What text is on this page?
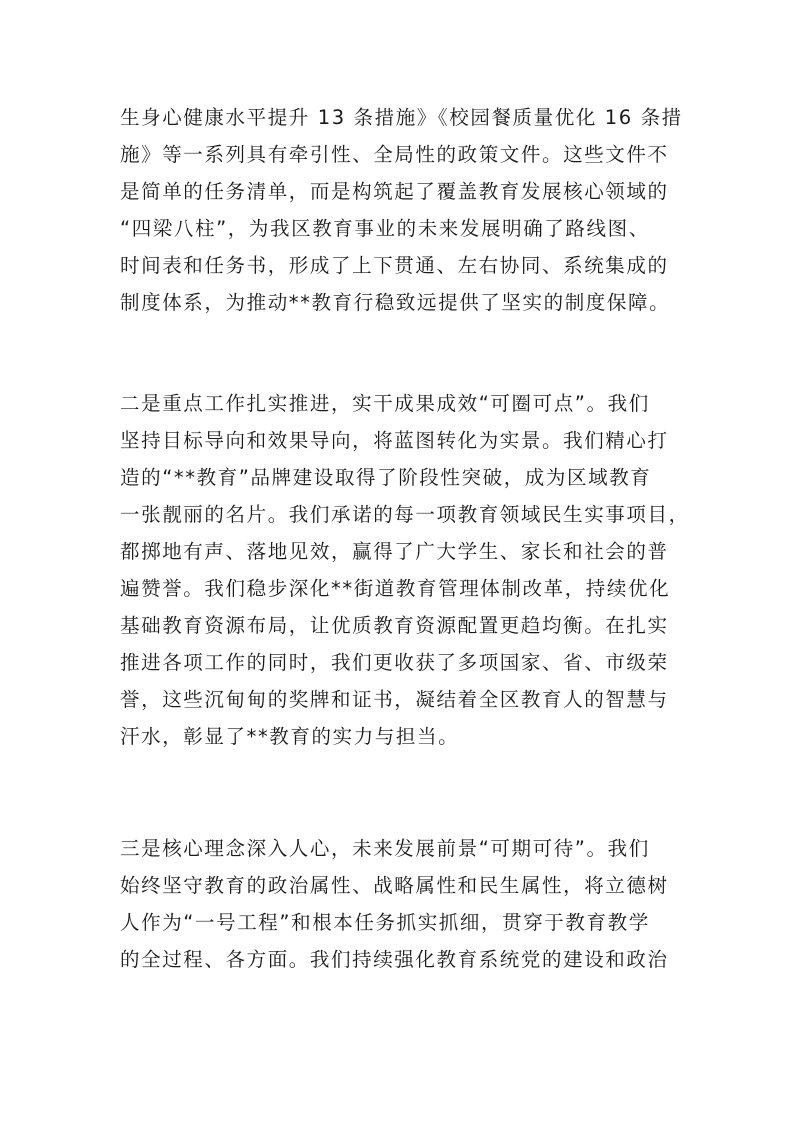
生身心健康水平提升 13 条措施》《校园餐质量优化 16 条措
施》等一系列具有牵引性、全局性的政策文件。这些文件不
是简单的任务清单，而是构筑起了覆盖教育发展核心领域的
“四梁八柱”，为我区教育事业的未来发展明确了路线图、
时间表和任务书，形成了上下贯通、左右协同、系统集成的
制度体系，为推动**教育行稳致远提供了坚实的制度保障。
二是重点工作扎实推进，实干成果成效“可圈可点”。我们
坚持目标导向和效果导向，将蓝图转化为实景。我们精心打
造的“**教育”品牌建设取得了阶段性突破，成为区域教育
一张靓丽的名片。我们承诺的每一项教育领域民生实事项目，
都掷地有声、落地见效，赢得了广大学生、家长和社会的普
遍赞誉。我们稳步深化**街道教育管理体制改革，持续优化
基础教育资源布局，让优质教育资源配置更趋均衡。在扎实
推进各项工作的同时，我们更收获了多项国家、省、市级荣
誉，这些沉甸甸的奖牌和证书，凝结着全区教育人的智慧与
汗水，彰显了**教育的实力与担当。
三是核心理念深入人心，未来发展前景“可期可待”。我们
始终坚守教育的政治属性、战略属性和民生属性，将立德树
人作为“一号工程”和根本任务抓实抓细，贯穿于教育教学
的全过程、各方面。我们持续强化教育系统党的建设和政治
